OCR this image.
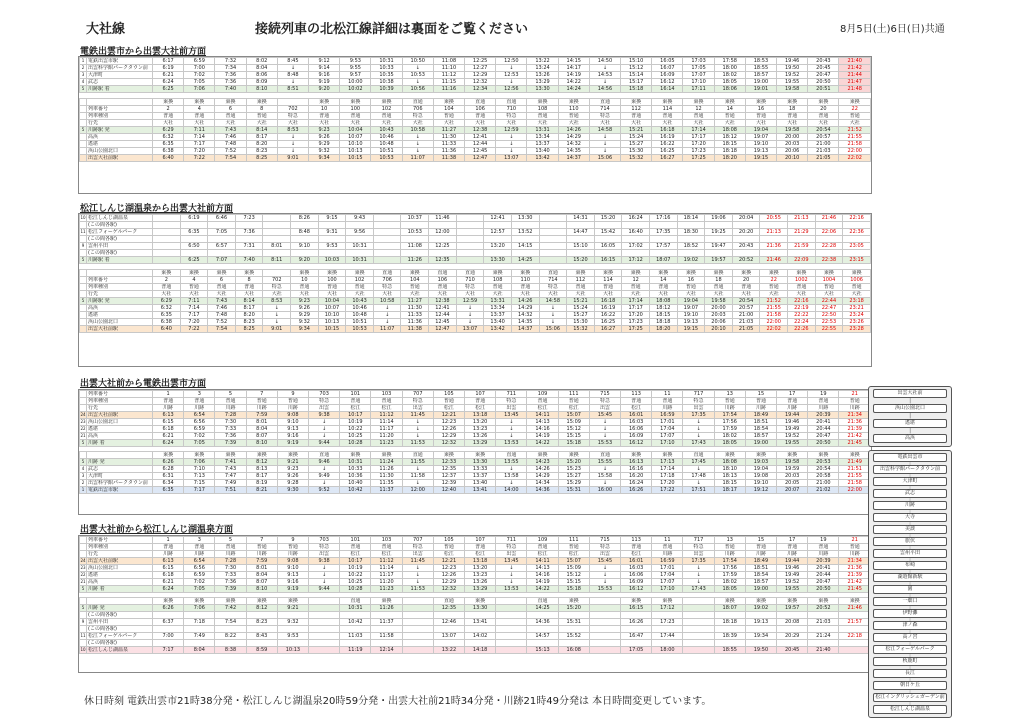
大社線	接続列車の北松江線詳細は裏面をご覧ください	8月5日(土)6日(日)共通
電鉄出雲市から出雲大社前方面
1	電鉄出雲市駅	6:17	6:59	7:32	8:02	8:45	9:12	9:53	10:31	10:50	11:08	12:25	12:50	13:22	14:15	14:50	15:10	16:05	17:03	17:58	18:53	19:46	20:43	21:40
2	出雲科学館パークタウン前	6:19	7:00	7:34	8:04	↓	9:14	9:55	10:33	↓	11:10	12:27	↓	13:24	14:17	↓	15:12	16:07	17:05	18:00	18:55	19:50	20:45	21:42
3	大津町	6:21	7:02	7:36	8:06	8:48	9:16	9:57	10:35	10:53	11:12	12:29	12:53	13:26	14:19	14:53	15:14	16:09	17:07	18:02	18:57	19:52	20:47	21:44
4	武志	6:24	7:05	7:36	8:09	↓	9:19	10:00	10:38	↓	11:15	12:32	↓	13:29	14:22	↓	15:17	16:12	17:10	18:05	19:00	19:55	20:50	21:47
5	川跡駅 着	6:25	7:06	7:40	8:10	8:51	9:20	10:02	10:39	10:56	11:16	12:34	12:56	13:30	14:24	14:56	15:18	16:14	17:11	18:06	19:01	19:58	20:51	21:48
		乗換	乗換	乗換	乗換		乗換	乗換	乗換	直通	乗換	直通	直通	乗換	乗換	直通	乗換	乗換	乗換	乗換	乗換	乗換	乗換	乗換
	列車番号	2	4	6	8	702	10	100	102	706	104	106	710	108	110	714	112	114	12	14	16	18	20	22
	列車種別	普通	普通	普通	普通	特急	普通	普通	普通	特急	普通	普通	特急	普通	普通	特急	普通	普通	普通	普通	普通	普通	普通	普通
	行先	大社	大社	大社	大社	大社	大社	大社	大社	大社	大社	大社	大社	大社	大社	大社	大社	大社	大社	大社	大社	大社	大社	大社
5	川跡駅 発	6:29	7:11	7:43	8:14	8:53	9:23	10:04	10:43	10:58	11:27	12:38	12:59	13:31	14:26	14:58	15:21	16:18	17:14	18:08	19:04	19:58	20:54	21:52
	高浜	6:32	7:14	7:46	8:17	↓	9:26	10:07	10:46	↓	11:30	12:41	↓	13:34	14:29	↓	15:24	16:19	17:17	18:12	19:07	20:00	20:57	21:55
	遙堪	6:35	7:17	7:48	8:20	↓	9:29	10:10	10:48	↓	11:33	12:44	↓	13:37	14:32	↓	15:27	16:22	17:20	18:15	19:10	20:03	21:00	21:58
	浜山公園北口	6:38	7:20	7:52	8:23	↓	9:32	10:13	10:51	↓	11:36	12:45	↓	13:40	14:35	↓	15:30	16:25	17:23	18:18	19:13	20:06	21:03	22:00
	出雲大社前駅	6:40	7:22	7:54	8:25	9:01	9:34	10:15	10:53	11:07	11:38	12:47	13:07	13:42	14:37	15:06	15:32	16:27	17:25	18:20	19:15	20:10	21:05	22:02
松江しんじ湖温泉から出雲大社前方面
10	松江しんじ湖温泉		6:19	6:46	7:23		8:26	9:15	9:43		10:37	11:46		12:41	13:30		14:31	15:20	16:24	17:16	18:14	19:06	20:04	20:55	21:13	21:46	22:16
	(この間各駅)																										
11	松江フォーゲルパーク		6:35	7:05	7:36		8:48	9:31	9:56		10:53	12:00		12:57	13:52		14:47	15:42	16:40	17:35	18:30	19:25	20:20	21:13	21:29	22:06	22:36
	(この間各駅)																										
9	雲州平田		6:50	6:57	7:31	8:01	9:10	9:53	10:31		11:08	12:25		13:20	14:15		15:10	16:05	17:02	17:57	18:52	19:47	20:43	21:36	21:59	22:28	23:05
	(この間各駅)																										
5	川跡駅 着		6:25	7:07	7:40	8:11	9:20	10:03	10:31		11:26	12:35		13:30	14:25		15:20	16:15	17:12	18:07	19:02	19:57	20:52	21:46	22:09	22:38	23:15
		乗換	乗換	乗換	乗換		乗換	乗換	乗換	直通	乗換	直通	直通	乗換	乗換	直通	乗換	乗換	乗換	乗換	乗換	乗換	乗換	乗換	乗換	乗換	乗換
	列車番号	2	4	6	8	702	10	100	102	706	104	106	710	108	110	714	112	114	12	14	16	18	20	22	1002	1004	1006
	列車種別	普通	普通	普通	普通	特急	普通	普通	普通	特急	普通	普通	特急	普通	普通	特急	普通	普通	普通	普通	普通	普通	普通	普通	普通	普通	普通
	行先	大社	大社	大社	大社	大社	大社	大社	大社	大社	大社	大社	大社	大社	大社	大社	大社	大社	大社	大社	大社	大社	大社	大社	大社	大社	大社
5	川跡駅 発	6:29	7:11	7:43	8:14	8:53	9:23	10:04	10:43	10:58	11:27	12:38	12:59	13:31	14:26	14:58	15:21	16:18	17:14	18:08	19:04	19:58	20:54	21:52	22:16	22:44	23:18
	高浜	6:32	7:14	7:46	8:17	↓	9:26	10:07	10:46	↓	11:30	12:41	↓	13:34	14:29	↓	15:24	16:19	17:17	18:12	19:07	20:00	20:57	21:55	22:19	22:47	23:21
	遙堪	6:35	7:17	7:48	8:20	↓	9:29	10:10	10:48	↓	11:33	12:44	↓	13:37	14:32	↓	15:27	16:22	17:20	18:15	19:10	20:03	21:00	21:58	22:22	22:50	23:24
	浜山公園北口	6:38	7:20	7:52	8:23	↓	9:32	10:13	10:51	↓	11:36	12:45	↓	13:40	14:35	↓	15:30	16:25	17:23	18:18	19:13	20:06	21:03	22:00	22:24	22:53	23:26
	出雲大社前駅	6:40	7:22	7:54	8:25	9:01	9:34	10:15	10:53	11:07	11:38	12:47	13:07	13:42	14:37	15:06	15:32	16:27	17:25	18:20	19:15	20:10	21:05	22:02	22:26	22:55	23:28
出雲大社前から電鉄出雲市方面
	列車番号	1	3	5	7	9	703	101	103	707	105	107	711	109	111	715	113	11	717	13	15	17	19	21
	列車種別	普通	普通	普通	普通	普通	特急	普通	普通	特急	普通	普通	特急	普通	普通	特急	普通	普通	特急	普通	普通	普通	普通	普通
	行先	川跡	川跡	川跡	川跡	川跡	出雲	松江	松江	出雲	松江	松江	出雲	松江	松江	出雲	松江	川跡	出雲	川跡	川跡	川跡	川跡	川跡
24	出雲大社前駅	6:13	6:54	7:28	7:59	9:08	9:38	10:17	11:12	11:45	12:21	13:18	13:45	14:11	15:07	15:45	16:01	16:59	17:35	17:54	18:49	19:44	20:39	21:34
23	浜山公園北口	6:15	6:56	7:30	8:01	9:10	↓	10:19	11:14	↓	12:23	13:20	↓	14:13	15:09	↓	16:03	17:01	↓	17:56	18:51	19:46	20:41	21:36
22	遙堪	6:18	6:59	7:33	8:04	9:13	↓	10:22	11:17	↓	12:26	13:23	↓	14:16	15:12	↓	16:06	17:04	↓	17:59	18:54	19:49	20:44	21:39
21	高浜	6:21	7:02	7:36	8:07	9:16	↓	10:25	11:20	↓	12:29	13:26	↓	14:19	15:15	↓	16:09	17:07	↓	18:02	18:57	19:52	20:47	21:42
5	川跡 着	6:24	7:05	7:39	8:10	9:19	9:44	10:28	11:23	11:53	12:32	13:29	13:53	14:22	15:18	15:53	16:12	17:10	17:43	18:05	19:00	19:55	20:50	21:45
		乗換	乗換	乗換	乗換	乗換	直通	乗換	乗換	直通	乗換	乗換	直通	乗換	乗換	直通	乗換	乗換	直通	乗換	乗換	乗換	乗換	乗換
5	川跡 発	6:26	7:06	7:41	8:12	9:21	9:46	10:31	11:24	11:55	12:33	13:30	13:55	14:23	15:20	15:55	16:13	17:13	17:45	18:08	19:03	19:58	20:53	21:49
4	武志	6:28	7:10	7:43	8:13	9:23	↓	10:33	11:26	↓	12:35	13:33	↓	14:26	15:23	↓	16:16	17:14	↓	18:10	19:04	19:59	20:54	21:51
3	大津町	6:31	7:13	7:47	8:17	9:26	9:49	10:36	11:30	11:58	12:37	13:37	13:58	14:29	15:27	15:58	16:20	17:18	17:48	18:13	19:08	20:03	20:58	21:55
2	出雲科学館パークタウン前	6:34	7:15	7:49	8:19	9:28	↓	10:40	11:35	↓	12:39	13:40	↓	14:34	15:29	↓	16:24	17:20	↓	18:15	19:10	20:05	21:00	21:58
1	電鉄出雲市駅	6:35	7:17	7:51	8:21	9:30	9:52	10:42	11:37	12:00	12:40	13:41	14:00	14:36	15:31	16:00	16:26	17:22	17:51	18:17	19:12	20:07	21:02	22:00
出雲大社前から松江しんじ湖温泉方面
	列車番号	1	3	5	7	9	703	101	103	707	105	107	711	109	111	715	113	11	717	13	15	17	19	21
	列車種別	普通	普通	普通	普通	普通	特急	普通	普通	特急	普通	普通	特急	普通	普通	特急	普通	普通	特急	普通	普通	普通	普通	普通
	行先	川跡	川跡	川跡	川跡	川跡	出雲	松江	松江	出雲	松江	松江	出雲	松江	松江	出雲	松江	川跡	出雲	川跡	川跡	川跡	川跡	川跡
24	出雲大社前駅	6:13	6:54	7:28	7:59	9:08	9:38	10:17	11:12	11:45	12:21	13:18	13:45	14:11	15:07	15:45	16:01	16:59	17:35	17:54	18:49	19:44	20:39	21:34
23	浜山公園北口	6:15	6:56	7:30	8:01	9:10	↓	10:19	11:14	↓	12:23	13:20	↓	14:13	15:09	↓	16:03	17:01	↓	17:56	18:51	19:46	20:41	21:36
22	遙堪	6:18	6:59	7:33	8:04	9:13	↓	10:22	11:17	↓	12:26	13:23	↓	14:16	15:12	↓	16:06	17:04	↓	17:59	18:54	19:49	20:44	21:39
21	高浜	6:21	7:02	7:36	8:07	9:16	↓	10:25	11:20	↓	12:29	13:26	↓	14:19	15:15	↓	16:09	17:07	↓	18:02	18:57	19:52	20:47	21:42
5	川跡 着	6:24	7:05	7:39	8:10	9:19	9:44	10:28	11:23	11:53	12:32	13:29	13:53	14:22	15:18	15:53	16:12	17:10	17:43	18:05	19:00	19:55	20:50	21:45
		乗換	乗換	乗換	乗換	乗換		直通	乗換		直通	乗換		直通	乗換		乗換	乗換		乗換	乗換	乗換	乗換	乗換
5	川跡 発	6:26	7:06	7:42	8:12	9:21		10:31	11:26		12:35	13:30		14:25	15:20		16:15	17:12		18:07	19:02	19:57	20:52	21:46
	(この間各駅)																							
9	雲州平田	6:37	7:18	7:54	8:23	9:32		10:42	11:37		12:46	13:41		14:36	15:31		16:26	17:23		18:18	19:13	20:08	21:03	21:57
	(この間各駅)																							
11	松江フォーゲルパーク	7:00	7:49	8:22	8:43	9:53		11:03	11:58		13:07	14:02		14:57	15:52		16:47	17:44		18:39	19:34	20:29	21:24	22:18
	(この間各駅)																							
10	松江しんじ湖温泉	7:17	8:04	8:38	8:59	10:13		11:19	12:14		13:22	14:18		15:13	16:08		17:05	18:00		18:55	19:50	20:45	21:40	
出雲大社前
│
浜山公園北口
│
遙堪
│
高浜
電鉄出雲市
│
出雲科学館パークタウン前
│
大津町
│
武志
│
川跡
│
大寺
│
美談
│
旅伏
│
雲州平田
│
布崎
│
湖遊館新駅
│
園
│
一畑口
│
伊野灘
│
津ノ森
│
高ノ宮
│
松江フォーゲルパーク
│
秋鹿町
│
長江
│
朝日ケ丘
│
松江イングリッシュガーデン前
│
松江しんじ湖温泉
休日時刻 電鉄出雲市21時38分発・松江しんじ湖温泉20時59分発・出雲大社前21時34分発・川跡21時49分発は 本日時間変更しています。
